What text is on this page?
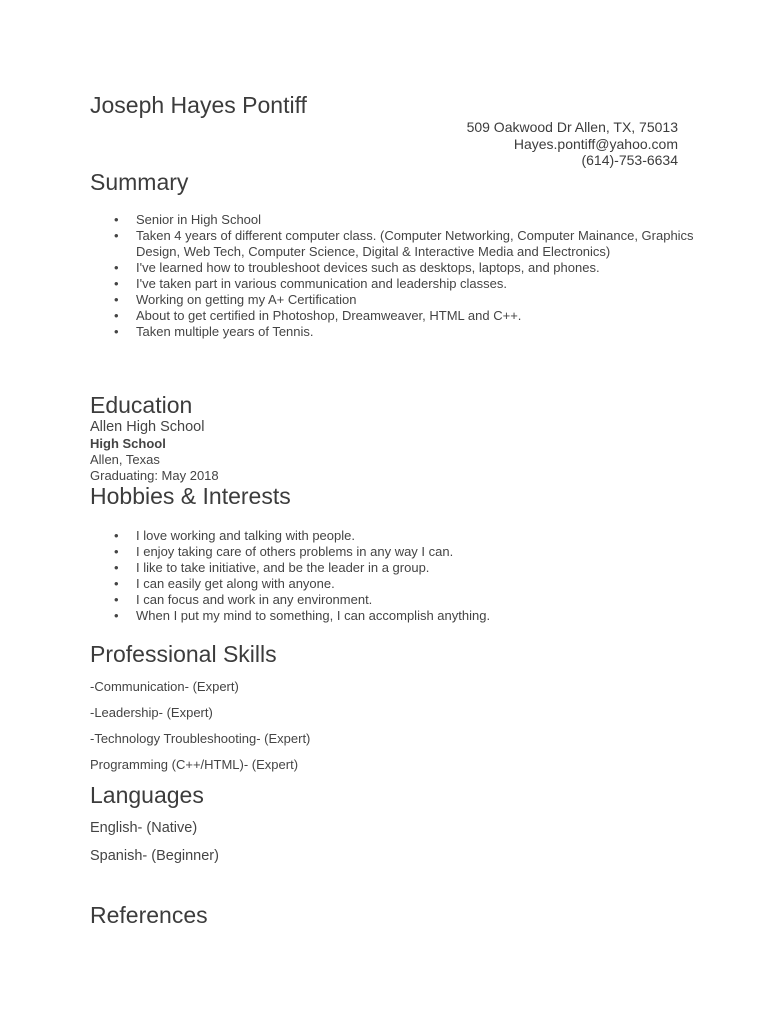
Joseph Hayes Pontiff
509 Oakwood Dr Allen, TX, 75013
Hayes.pontiff@yahoo.com
(614)-753-6634
Summary
• Senior in High School
• Taken 4 years of different computer class. (Computer Networking, Computer Mainance, Graphics Design, Web Tech, Computer Science, Digital & Interactive Media and Electronics)
• I've learned how to troubleshoot devices such as desktops, laptops, and phones.
• I've taken part in various communication and leadership classes.
• Working on getting my A+ Certification
• About to get certified in Photoshop, Dreamweaver, HTML and C++.
• Taken multiple years of Tennis.
Education
Allen High School
High School
Allen, Texas
Graduating: May 2018
Hobbies & Interests
• I love working and talking with people.
• I enjoy taking care of others problems in any way I can.
• I like to take initiative, and be the leader in a group.
• I can easily get along with anyone.
• I can focus and work in any environment.
• When I put my mind to something, I can accomplish anything.
Professional Skills
-Communication- (Expert)
-Leadership- (Expert)
-Technology Troubleshooting- (Expert)
Programming (C++/HTML)- (Expert)
Languages
English- (Native)
Spanish- (Beginner)
References
